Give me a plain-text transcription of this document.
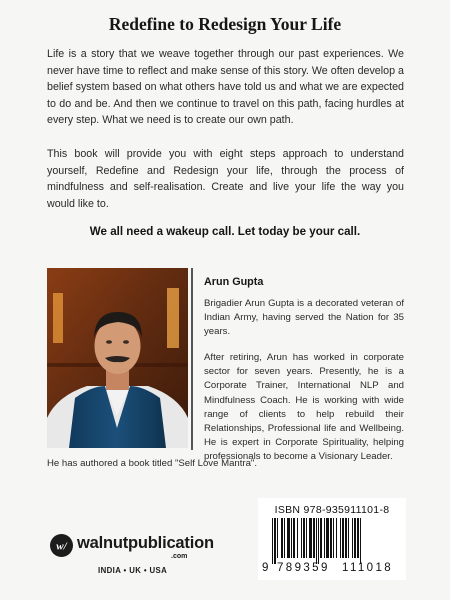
Redefine to Redesign Your Life

Life is a story that we weave together through our past experiences. We never have time to reflect and make sense of this story. We often develop a belief system based on what others have told us and what we are expected to do and be. And then we continue to travel on this path, facing hurdles at every step. What we need is to create our own path.

This book will provide you with eight steps approach to understand yourself, Redefine and Redesign your life, through the process of mindfulness and self-realisation. Create and live your life the way you would like to.

We all need a wakeup call. Let today be your call.
Arun Gupta

Brigadier Arun Gupta is a decorated veteran of Indian Army, having served the Nation for 35 years.

After retiring, Arun has worked in corporate sector for seven years. Presently, he is a Corporate Trainer, International NLP and Mindfulness Coach. He is working with wide range of clients to help rebuild their Relationships, Professional life and Wellbeing. He is expert in Corporate Spirituality, helping professionals to become a Visionary Leader.

He has authored a book titled "Self Love Mantra".
w/ walnutpublication
.com
INDIA • UK • USA
ISBN 978-935911101-8
9 789359 111018
